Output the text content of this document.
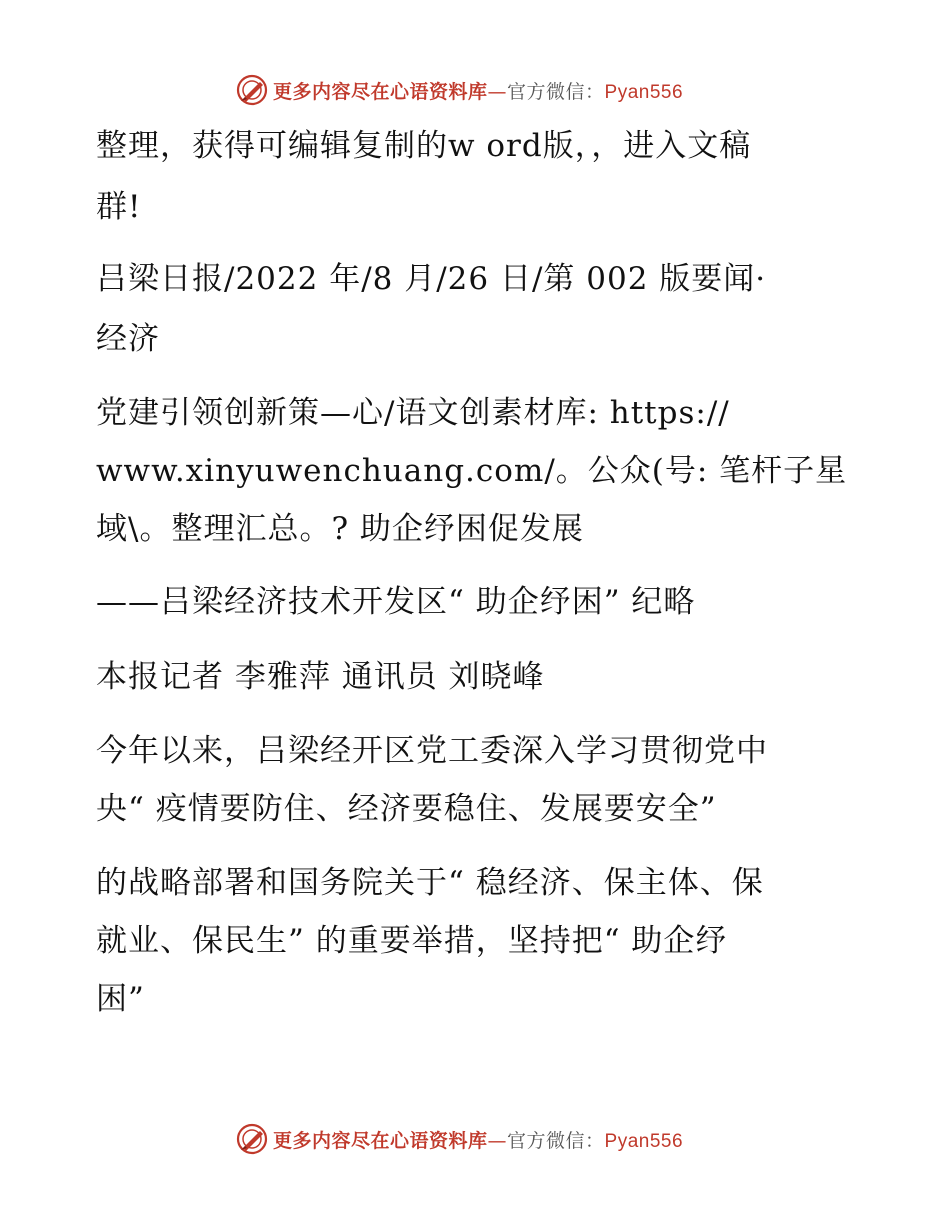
更多内容尽在心语资料库—官方微信：Pyan556
整理，获得可编辑复制的w ord版，，进入文稿
群!
吕梁日报/2022 年/8 月/26 日/第 002 版要闻·
经济
党建引领创新策—心/语文创素材库: https://
www.xinyuwenchuang.com/。公众(号: 笔杆子星
域\。整理汇总。? 助企纾困促发展
——吕梁经济技术开发区“ 助企纾困” 纪略
本报记者 李雅萍 通讯员 刘晓峰
今年以来，吕梁经开区党工委深入学习贯彻党中
央“ 疫情要防住、经济要稳住、发展要安全”
的战略部署和国务院关于“ 稳经济、保主体、保
就业、保民生” 的重要举措，坚持把“ 助企纾
困”
更多内容尽在心语资料库—官方微信：Pyan556
